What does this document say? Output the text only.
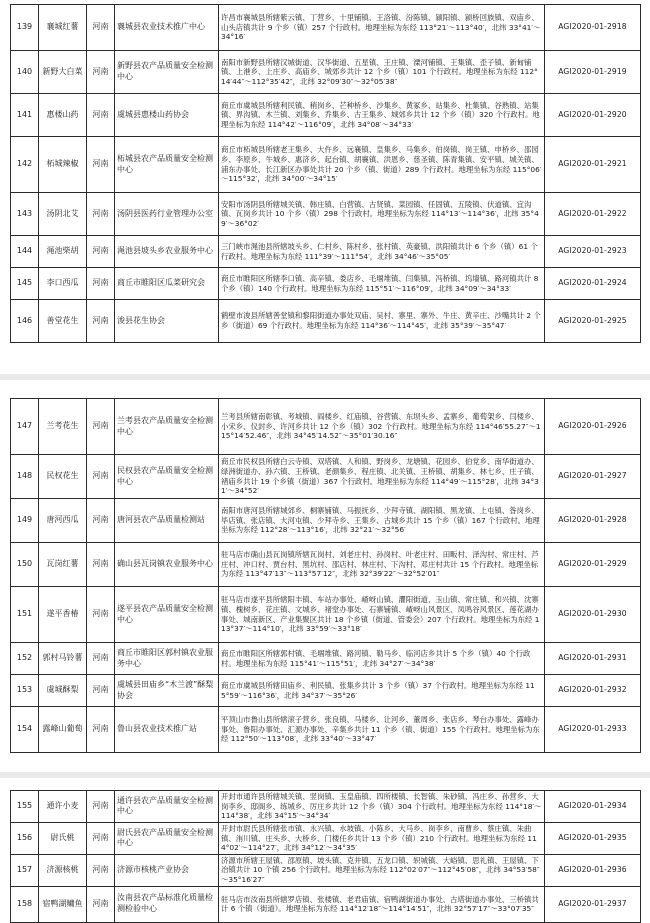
139	襄城红薯	河南	襄城县农业技术推广中心	许昌市襄城县所辖紫云镇、丁营乡、十里铺镇、王洛镇、汾陈镇、颍阳镇、颍桥回族镇、双庙乡、山头店镇共计 9 个乡（镇）257 个行政村。地理坐标为东经 113°21′～113°40′，北纬 33°41′～34°16′	AGI2020-01-2918
140	新野大白菜	河南	新野县农产品质量安全检测中心	南阳市新野县所辖汉城街道、汉华街道、五星镇、王庄镇、溧河铺镇、王集镇、歪子镇、新甸铺镇、上港乡、上庄乡、高庙乡、城郊乡共计 12 个乡（镇）101 个行政村。地理坐标为东经 112°14′44″～112°35′42″，北纬 32°09′30″～32°05′38″	AGI2020-01-2919
141	惠楼山药	河南	虞城县惠楼山药协会	商丘市虞城县所辖利民镇、稍岗乡、芒种桥乡、沙集乡、黄冢乡、站集乡、杜集镇、谷熟镇、站集镇、界沟镇、木兰镇、刘集乡、乔集乡、古王集乡、城郊乡共计 12 个乡（镇）320 个行政村。地理坐标为东经 114°42′～116°09′，北纬 34°08′～34°33′	AGI2020-01-2920
142	柘城辣椒	河南	柘城县农产品质量安全检测中心	商丘市柘城县所辖老王集乡、大仵乡、远襄镇、皇集乡、马集乡、伯岗镇、岗王镇、申桥乡、邵园乡、李原乡、牛城乡、惠济乡、起台镇、胡襄镇、洪恩乡、慈圣镇、陈青集镇、安平镇、城关镇、浦东办事处、长江新区办事处共计 20 个乡（镇、街道）289 个行政村。地理坐标为东经 115°06′～115°32′，北纬 34°00′～34°15′	AGI2020-01-2921
143	汤阴北艾	河南	汤阴县医药行业管理办公室	安阳市汤阴县所辖城关镇、韩庄镇、白营镇、古贤镇、菜园镇、任固镇、五陵镇、伏道镇、宜沟镇、瓦岗乡共计 10 个乡（镇）298 个行政村。地理坐标为东经 114°13′～114°36′，北纬 35°49′～36°02′	AGI2020-01-2922
144	渑池柴胡	河南	渑池县坡头乡农业服务中心	三门峡市渑池县所辖坡头乡、仁村乡、陈村乡、张村镇、英豪镇、洪阳镇共计 6 个乡（镇）61 个行政村。地理坐标为东经 111°39′～111°54′，北纬 34°46′～35°05′	AGI2020-01-2923
145	李口西瓜	河南	商丘市睢阳区瓜菜研究会	商丘市睢阳区所辖李口镇、高辛镇、娄店乡、毛堌堆镇、闫集镇、冯桥镇、坞墙镇、路河镇共计 8 个乡（镇）140 个行政村。地理坐标为东经 115°51′～116°09′，北纬 34°09′～34°33′	AGI2020-01-2924
146	善堂花生	河南	浚县花生协会	鹤壁市浚县所辖善堂镇和黎阳街道办事处双庙、吴村、寨里、寨外、牛庄、黄辛庄、沙嘴共计 2 个乡（街道）69 个行政村。地理坐标为东经 114°36′～114°45′，北纬 35°39′～35°47′	AGI2020-01-2925
147	兰考花生	河南	兰考县农产品质量安全检测中心	兰考县所辖南彰镇、考城镇、阎楼乡、红庙镇、谷营镇、东坝头乡、孟寨乡、葡萄架乡、闫楼乡、小宋乡、仪封乡、许河乡共计 12 个乡（镇）302 个行政村。地理坐标为东经 114°46′55.27″～115°14′52.46″，北纬 34°45′14.52″～35°01′30.16″	AGI2020-01-2926
148	民权花生	河南	民权县农产品质量安全检测中心	商丘市民权县所辖白云寺镇、双塔镇、人和镇、野岗乡、龙塘镇、花园乡、伯党乡、南华街道办、绿洲街道办、孙六镇、王桥镇、老颜集乡、程庄镇、北关镇、王桥镇、胡集乡、林七乡、庄子镇、褚庙乡共计 19 个乡镇（街道）367 个行政村。地理坐标为东经 114°49′～115°28′，北纬 34°31′～34°52′	AGI2020-01-2927
149	唐河西瓜	河南	唐河县农产品质量检测站	南阳市唐河县所辖城郊乡、桐寨铺镇、马振抚乡、少拜寺镇、湖阳镇、黑龙镇、上屯镇、昝岗乡、毕店镇、张店镇、大河屯镇、少拜寺乡、王集乡、古城乡共计 15 个乡（镇）167 个行政村。地理坐标为东经 112°28′～113°16′，北纬 32°21′～32°56′	AGI2020-01-2928
150	瓦岗红薯	河南	确山县瓦岗镇农业服务中心	驻马店市确山县瓦岗镇所辖瓦岗村、刘老庄村、孙岗村、叶老庄村、田畈村、泽沟村、常庄村、芦庄村、冲口村、贾台村、黑坑村、邵店村、林庄村、下沟村、邓庄村共计 15 个行政村。地理坐标为东经 113°47′13″～113°57′12″，北纬 32°39′22″～32°52′01″	AGI2020-01-2929
151	遂平香椿	河南	遂平县农产品质量安全检测中心	驻马店市遂平县所辖阳丰镇、车站办事处、嵖岈山镇、灈阳街道、玉山镇、常庄镇、和兴镇、沈寨镇、槐树乡、花庄镇、文城乡、褚堂办事处、石寨铺镇、嵖岈山风景区、凤鸣谷风景区、莲花湖办事处、城南新区、产业集聚区共计 18 个乡镇（街道、管委会）207 个行政村。地理坐标为东经 113°37′～114°10′，北纬 33°59′～33°18′	AGI2020-01-2930
152	郭村马铃薯	河南	商丘市睢阳区郭村镇农业服务中心	商丘市睢阳区所辖郭村镇、毛堌堆镇、路河镇、勒马乡、临河店乡共计 5 个乡（镇）40 个行政村。地理坐标为东经 115°41′～115°51′，北纬 34°27′～34°38′	AGI2020-01-2931
153	虞城酥梨	河南	虞城县田庙乡“木兰渡”酥梨协会	商丘市虞城县所辖田庙乡、利民镇、张集乡共计 3 个乡（镇）37 个行政村。地理坐标为东经 115°59′～116°36′，北纬 34°37′～35°26′	AGI2020-01-2932
154	露峰山葡萄	河南	鲁山县农业技术推广站	平顶山市鲁山县所辖滚子营乡、张良镇、马楼乡、让河乡、董周乡、张店乡、琴台办事处、露峰办事处、鲁阳办事处、汇源办事处、辛集乡共计 11 个乡（镇、街道）155 个行政村。地理坐标为东经 112°50′～113°08′，北纬 33°40′～33°47′	AGI2020-01-2933
155	通许小麦	河南	通许县农产品质量安全检测中心	开封市通许县所辖城关镇、竖岗镇、玉皇庙镇、四所楼镇、长智镇、朱砂镇、冯庄乡、孙营乡、大岗李乡、邸阁乡、练城乡、厉庄乡共计 12 个乡（镇）304 个行政村。地理坐标为东经 114°18′～114°38′，北纬 34°15′～34°34′	AGI2020-01-2934
156	尉氏桃	河南	尉氏县农产品质量安全检测中心	开封市尉氏县所辖张市镇、永兴镇、水坡镇、小陈乡、大马乡、岗李乡、南曹乡、蔡庄镇、朱曲镇、洧川镇、庄头乡、大桥乡、门楼任乡共计 13 个乡（镇）210 个行政村。地理坐标为东经 114°02′～114°27′，北纬 34°12′～34°35′	AGI2020-01-2935
157	济源核桃	河南	济源市核桃产业协会	济源市所辖王屋镇、邵原镇、坡头镇、克井镇、五龙口镇、轵城镇、大峪镇、思礼镇、王屋镇、下冶镇共计 10 个镇 256 个行政村。地理坐标为东经 112°02′07″～112°45′08″，北纬 34°53′58″～35°16′27″	AGI2020-01-2936
158	宿鸭湖鳙鱼	河南	汝南县农产品标准化质量检测检验中心	驻马店市汝南县所辖罗店镇、张楼镇、老君庙镇、宿鸭湖街道办事处、古塔街道办事处、三桥镇共计 6 个镇（街道）。地理坐标为东经 114°12′18″～114°14′51″，北纬 32°57′17″～33°07′35″	AGI2020-01-2937
